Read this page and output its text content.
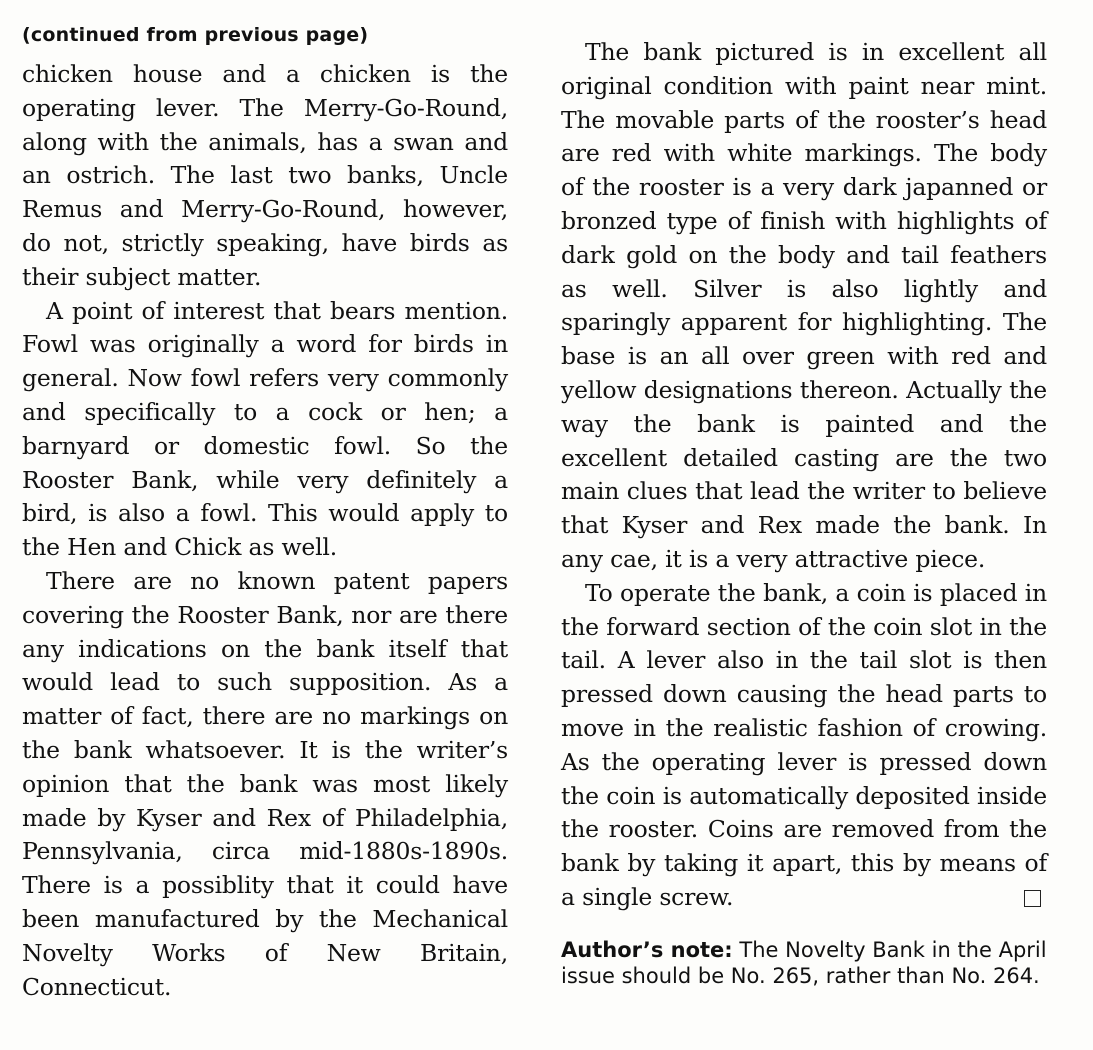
(continued from previous page)

chicken house and a chicken is the operating lever. The Merry-Go-Round, along with the animals, has a swan and an ostrich. The last two banks, Uncle Remus and Merry-Go-Round, however, do not, strictly speaking, have birds as their subject matter.

A point of interest that bears mention. Fowl was originally a word for birds in general. Now fowl refers very commonly and specifically to a cock or hen; a barnyard or domestic fowl. So the Rooster Bank, while very definitely a bird, is also a fowl. This would apply to the Hen and Chick as well.

There are no known patent papers covering the Rooster Bank, nor are there any indications on the bank itself that would lead to such supposition. As a matter of fact, there are no markings on the bank whatsoever. It is the writer’s opinion that the bank was most likely made by Kyser and Rex of Philadelphia, Pennsylvania, circa mid-1880s-1890s. There is a possiblity that it could have been manufactured by the Mechanical Novelty Works of New Britain, Connecticut.

The bank pictured is in excellent all original condition with paint near mint. The movable parts of the rooster’s head are red with white markings. The body of the rooster is a very dark japanned or bronzed type of finish with highlights of dark gold on the body and tail feathers as well. Silver is also lightly and sparingly apparent for highlighting. The base is an all over green with red and yellow designations thereon. Actually the way the bank is painted and the excellent detailed casting are the two main clues that lead the writer to believe that Kyser and Rex made the bank. In any cae, it is a very attractive piece.

To operate the bank, a coin is placed in the forward section of the coin slot in the tail. A lever also in the tail slot is then pressed down causing the head parts to move in the realistic fashion of crowing. As the operating lever is pressed down the coin is automatically deposited inside the rooster. Coins are removed from the bank by taking it apart, this by means of a single screw.

Author’s note: The Novelty Bank in the April issue should be No. 265, rather than No. 264.
